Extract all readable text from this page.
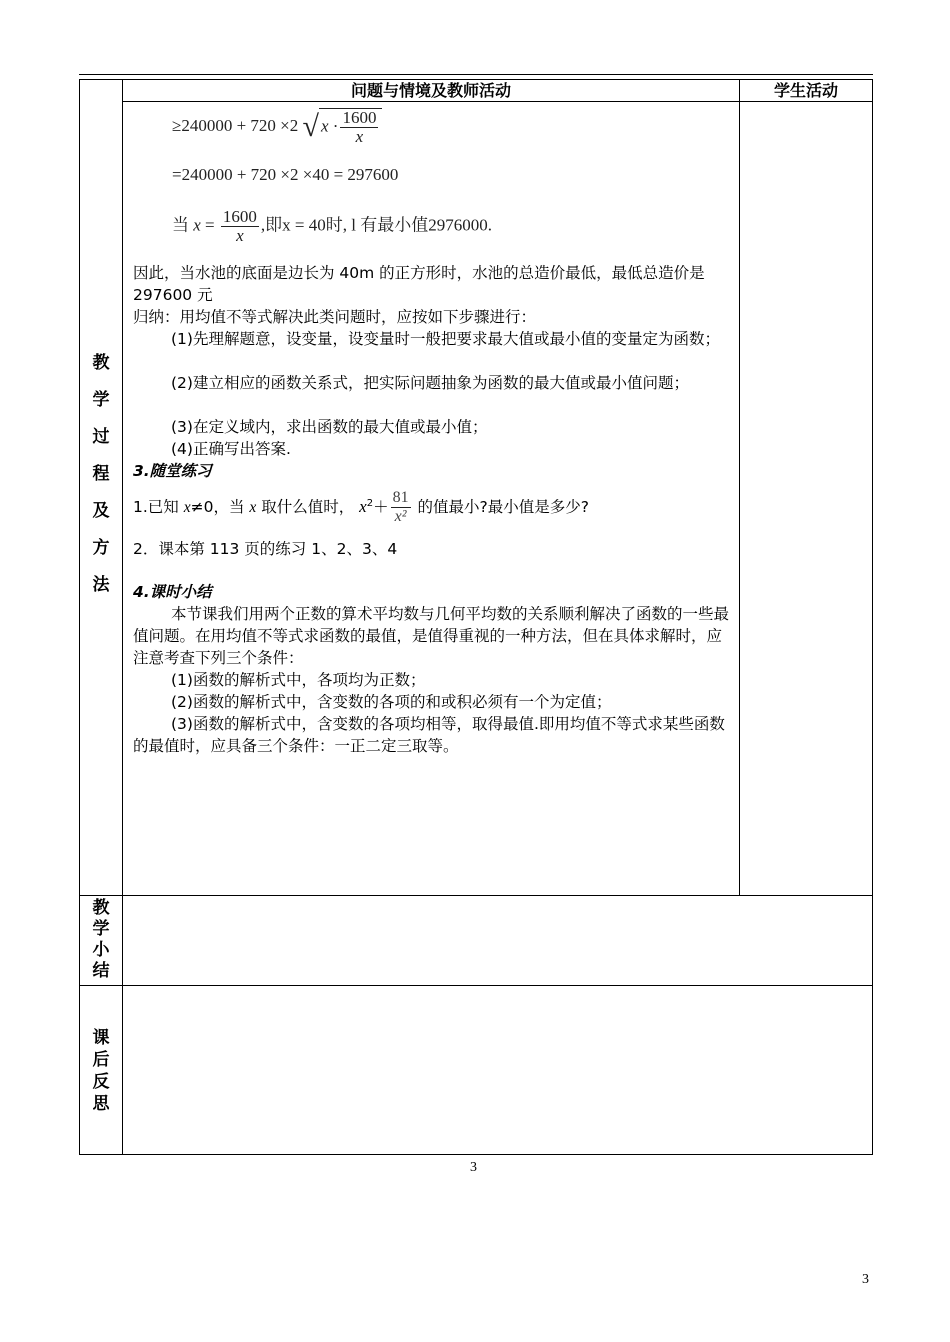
问题与情境及教师活动	学生活动
教
学
过
程
及
方
法
教
学
小
结
课
后
反
思
≥240000 + 720 ×2 √ $x \cdot \frac{1600}{x}$
=240000 + 720 ×2 ×40 = 297600
当 $x = \frac{1600}{x}$ ,即x = 40时, l 有最小值2976000.
因此，当水池的底面是边长为 40m 的正方形时，水池的总造价最低，最低总造价是 297600 元
归纳：用均值不等式解决此类问题时，应按如下步骤进行：
(1)先理解题意，设变量，设变量时一般把要求最大值或最小值的变量定为函数；
(2)建立相应的函数关系式，把实际问题抽象为函数的最大值或最小值问题；
(3)在定义域内，求出函数的最大值或最小值；
(4)正确写出答案.
3.随堂练习
1.已知 x≠0，当 x 取什么值时， $x^2+ \frac{81}{\text{x²}}$ 的值最小?最小值是多少?
2．课本第 113 页的练习 1、2、3、4
4.课时小结
本节课我们用两个正数的算术平均数与几何平均数的关系顺利解决了函数的一些最值问题。在用均值不等式求函数的最值，是值得重视的一种方法，但在具体求解时，应注意考查下列三个条件：
(1)函数的解析式中，各项均为正数；
(2)函数的解析式中，含变数的各项的和或积必须有一个为定值；
(3)函数的解析式中，含变数的各项均相等，取得最值.即用均值不等式求某些函数的最值时，应具备三个条件：一正二定三取等。
3
3
